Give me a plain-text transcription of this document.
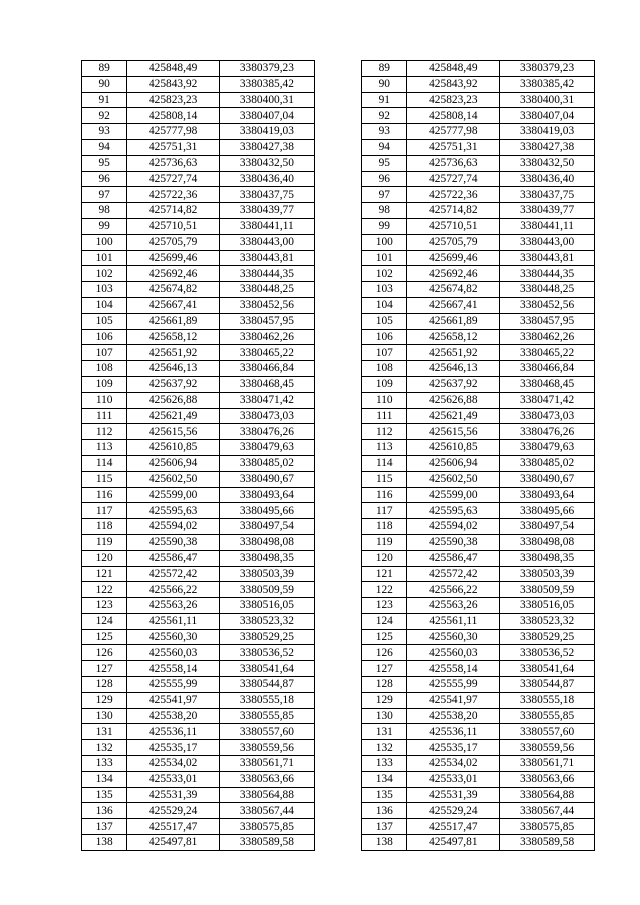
89	425848,49	3380379,23		89	425848,49	3380379,23
90	425843,92	3380385,42		90	425843,92	3380385,42
91	425823,23	3380400,31		91	425823,23	3380400,31
92	425808,14	3380407,04		92	425808,14	3380407,04
93	425777,98	3380419,03		93	425777,98	3380419,03
94	425751,31	3380427,38		94	425751,31	3380427,38
95	425736,63	3380432,50		95	425736,63	3380432,50
96	425727,74	3380436,40		96	425727,74	3380436,40
97	425722,36	3380437,75		97	425722,36	3380437,75
98	425714,82	3380439,77		98	425714,82	3380439,77
99	425710,51	3380441,11		99	425710,51	3380441,11
100	425705,79	3380443,00		100	425705,79	3380443,00
101	425699,46	3380443,81		101	425699,46	3380443,81
102	425692,46	3380444,35		102	425692,46	3380444,35
103	425674,82	3380448,25		103	425674,82	3380448,25
104	425667,41	3380452,56		104	425667,41	3380452,56
105	425661,89	3380457,95		105	425661,89	3380457,95
106	425658,12	3380462,26		106	425658,12	3380462,26
107	425651,92	3380465,22		107	425651,92	3380465,22
108	425646,13	3380466,84		108	425646,13	3380466,84
109	425637,92	3380468,45		109	425637,92	3380468,45
110	425626,88	3380471,42		110	425626,88	3380471,42
111	425621,49	3380473,03		111	425621,49	3380473,03
112	425615,56	3380476,26		112	425615,56	3380476,26
113	425610,85	3380479,63		113	425610,85	3380479,63
114	425606,94	3380485,02		114	425606,94	3380485,02
115	425602,50	3380490,67		115	425602,50	3380490,67
116	425599,00	3380493,64		116	425599,00	3380493,64
117	425595,63	3380495,66		117	425595,63	3380495,66
118	425594,02	3380497,54		118	425594,02	3380497,54
119	425590,38	3380498,08		119	425590,38	3380498,08
120	425586,47	3380498,35		120	425586,47	3380498,35
121	425572,42	3380503,39		121	425572,42	3380503,39
122	425566,22	3380509,59		122	425566,22	3380509,59
123	425563,26	3380516,05		123	425563,26	3380516,05
124	425561,11	3380523,32		124	425561,11	3380523,32
125	425560,30	3380529,25		125	425560,30	3380529,25
126	425560,03	3380536,52		126	425560,03	3380536,52
127	425558,14	3380541,64		127	425558,14	3380541,64
128	425555,99	3380544,87		128	425555,99	3380544,87
129	425541,97	3380555,18		129	425541,97	3380555,18
130	425538,20	3380555,85		130	425538,20	3380555,85
131	425536,11	3380557,60		131	425536,11	3380557,60
132	425535,17	3380559,56		132	425535,17	3380559,56
133	425534,02	3380561,71		133	425534,02	3380561,71
134	425533,01	3380563,66		134	425533,01	3380563,66
135	425531,39	3380564,88		135	425531,39	3380564,88
136	425529,24	3380567,44		136	425529,24	3380567,44
137	425517,47	3380575,85		137	425517,47	3380575,85
138	425497,81	3380589,58		138	425497,81	3380589,58
